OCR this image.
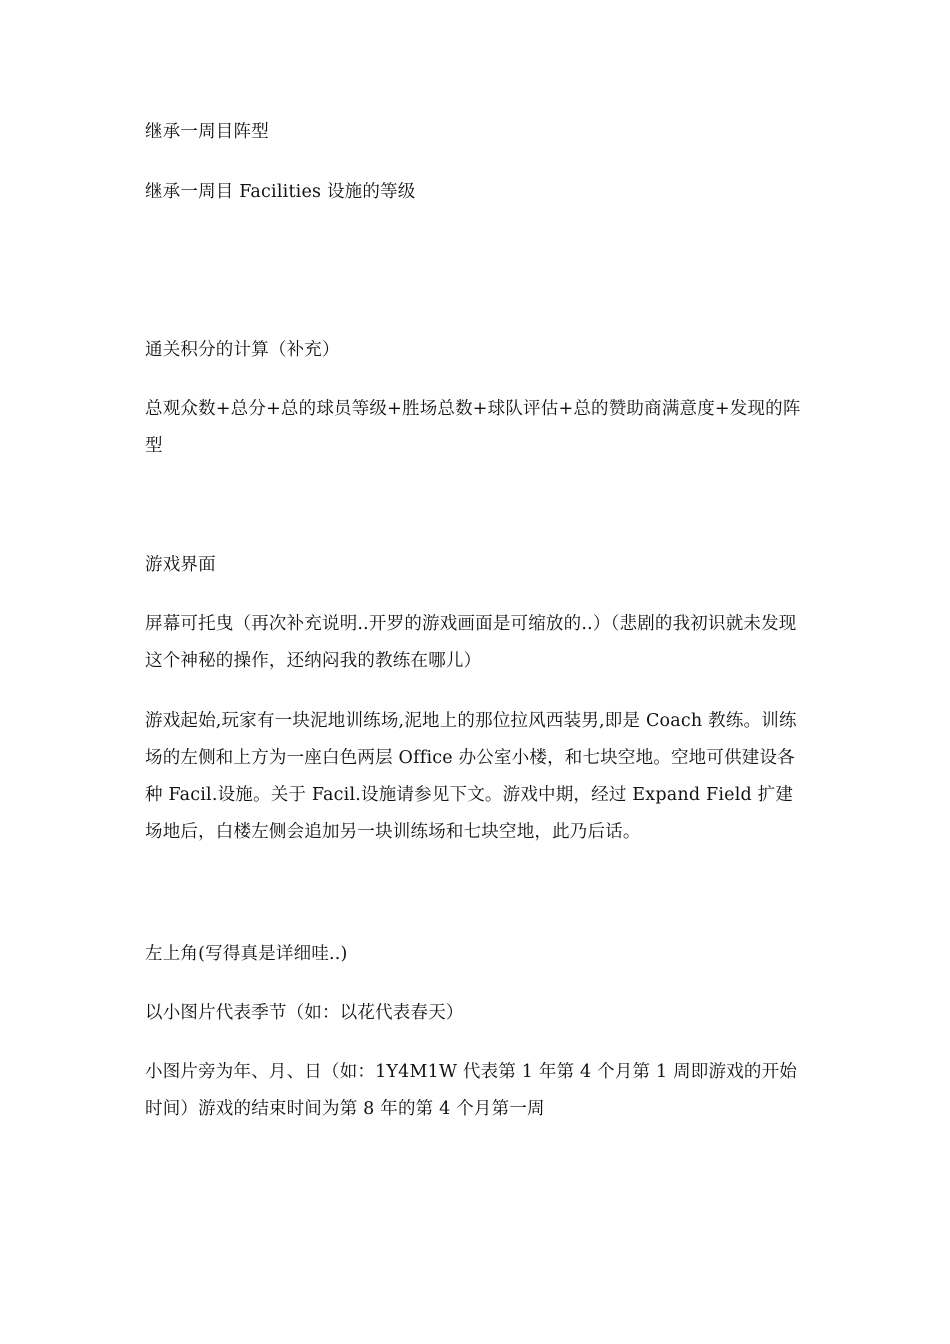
继承一周目阵型

继承一周目 Facilities 设施的等级

通关积分的计算（补充）

总观众数+总分+总的球员等级+胜场总数+球队评估+总的赞助商满意度+发现的阵型

游戏界面

屏幕可托曳（再次补充说明..开罗的游戏画面是可缩放的..）（悲剧的我初识就未发现这个神秘的操作，还纳闷我的教练在哪儿）

游戏起始,玩家有一块泥地训练场,泥地上的那位拉风西装男,即是 Coach 教练。训练场的左侧和上方为一座白色两层 Office 办公室小楼，和七块空地。空地可供建设各种 Facil.设施。关于 Facil.设施请参见下文。游戏中期，经过 Expand Field 扩建场地后，白楼左侧会追加另一块训练场和七块空地，此乃后话。

左上角(写得真是详细哇..)

以小图片代表季节（如：以花代表春天）

小图片旁为年、月、日（如：1Y4M1W 代表第 1 年第 4 个月第 1 周即游戏的开始时间）游戏的结束时间为第 8 年的第 4 个月第一周
